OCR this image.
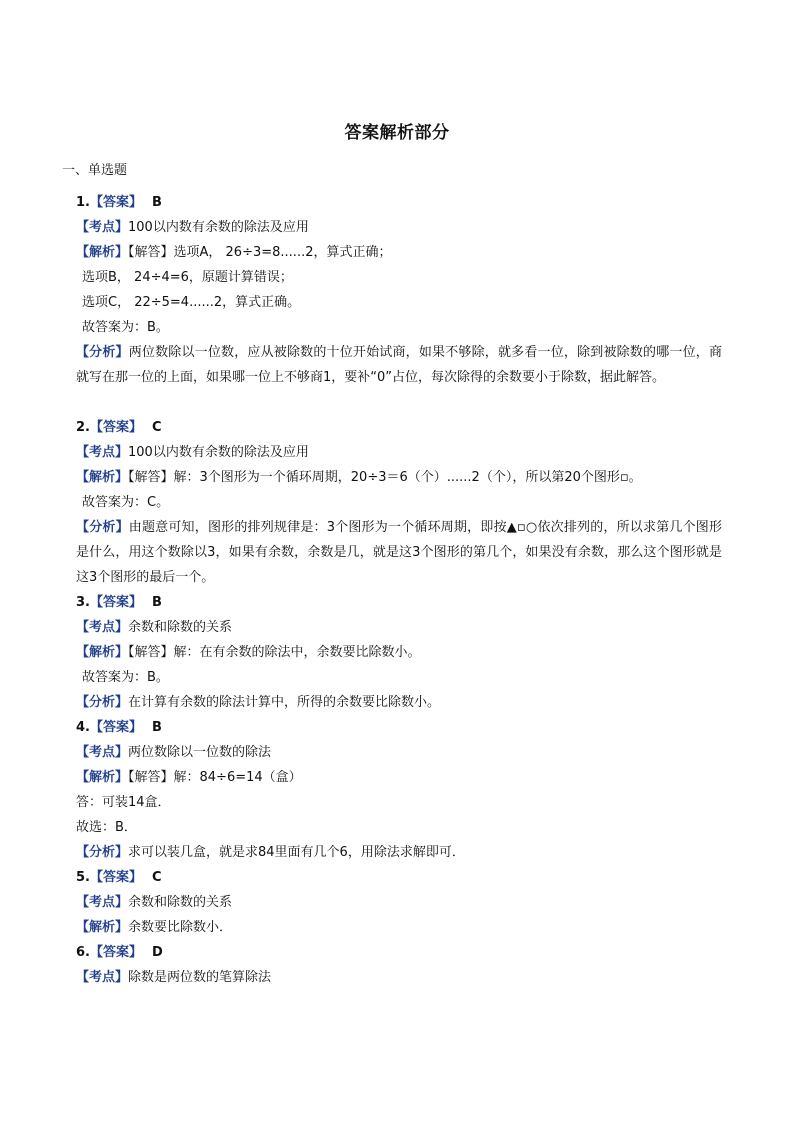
答案解析部分
一、单选题
1.【答案】 B
【考点】100以内数有余数的除法及应用
【解析】【解答】选项A， 26÷3=8......2，算式正确；
选项B， 24÷4=6，原题计算错误；
选项C， 22÷5=4......2，算式正确。
故答案为：B。
【分析】两位数除以一位数，应从被除数的十位开始试商，如果不够除，就多看一位，除到被除数的哪一位，商就写在那一位的上面，如果哪一位上不够商1，要补“0”占位，每次除得的余数要小于除数，据此解答。
2.【答案】 C
【考点】100以内数有余数的除法及应用
【解析】【解答】解：3个图形为一个循环周期，20÷3＝6（个）......2（个），所以第20个图形▫。
故答案为：C。
【分析】由题意可知，图形的排列规律是：3个图形为一个循环周期，即按▲▫○依次排列的，所以求第几个图形是什么，用这个数除以3，如果有余数，余数是几，就是这3个图形的第几个，如果没有余数，那么这个图形就是这3个图形的最后一个。
3.【答案】 B
【考点】余数和除数的关系
【解析】【解答】解：在有余数的除法中，余数要比除数小。
故答案为：B。
【分析】在计算有余数的除法计算中，所得的余数要比除数小。
4.【答案】 B
【考点】两位数除以一位数的除法
【解析】【解答】解：84÷6=14（盒）
答：可装14盒．
故选：B．
【分析】求可以装几盒，就是求84里面有几个6，用除法求解即可．
5.【答案】 C
【考点】余数和除数的关系
【解析】余数要比除数小．
6.【答案】 D
【考点】除数是两位数的笔算除法
